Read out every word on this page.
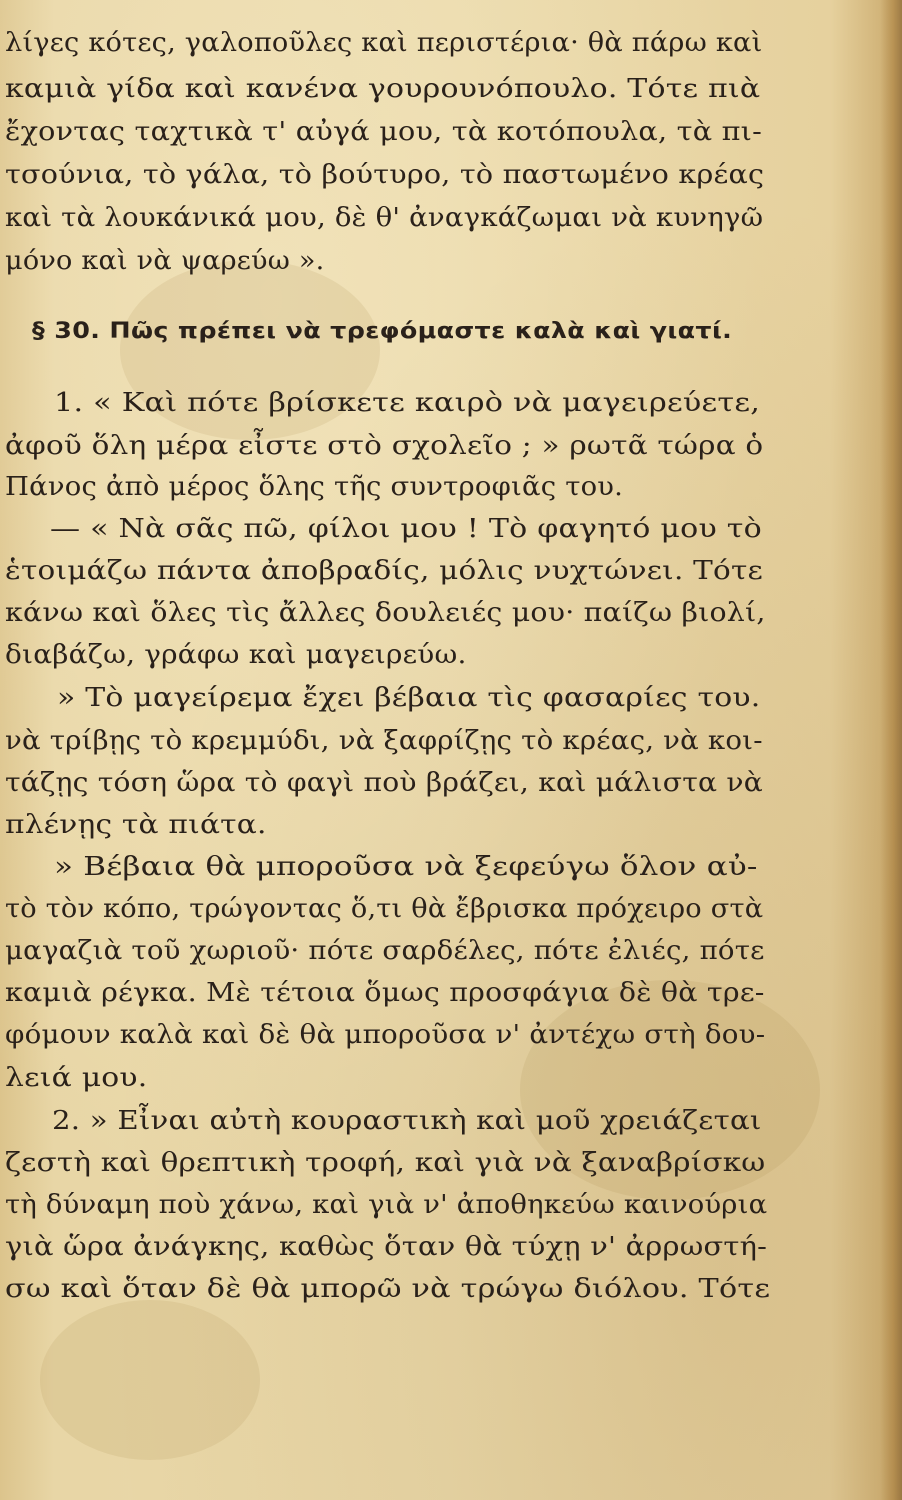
λίγες κότες, γαλοποῦλες καὶ περιστέρια· θὰ πάρω καὶ
καμιὰ γίδα καὶ κανένα γουρουνόπουλο. Τότε πιὰ
ἔχοντας ταχτικὰ τ' αὐγά μου, τὰ κοτόπουλα, τὰ πι-
τσούνια, τὸ γάλα, τὸ βούτυρο, τὸ παστωμένο κρέας
καὶ τὰ λουκάνικά μου, δὲ θ' ἀναγκάζωμαι νὰ κυνηγῶ
μόνο καὶ νὰ ψαρεύω ».
§ 30. Πῶς πρέπει νὰ τρεφόμαστε καλὰ καὶ γιατί.
1. « Καὶ πότε βρίσκετε καιρὸ νὰ μαγειρεύετε,
ἀφοῦ ὅλη μέρα εἶστε στὸ σχολεῖο ; » ρωτᾶ τώρα ὁ
Πάνος ἀπὸ μέρος ὅλης τῆς συντροφιᾶς του.
— « Νὰ σᾶς πῶ, φίλοι μου ! Τὸ φαγητό μου τὸ
ἑτοιμάζω πάντα ἀποβραδίς, μόλις νυχτώνει. Τότε
κάνω καὶ ὅλες τὶς ἄλλες δουλειές μου· παίζω βιολί,
διαβάζω, γράφω καὶ μαγειρεύω.
» Τὸ μαγείρεμα ἔχει βέβαια τὶς φασαρίες του.
νὰ τρίβῃς τὸ κρεμμύδι, νὰ ξαφρίζῃς τὸ κρέας, νὰ κοι-
τάζῃς τόση ὥρα τὸ φαγὶ ποὺ βράζει, καὶ μάλιστα νὰ
πλένῃς τὰ πιάτα.
» Βέβαια θὰ μποροῦσα νὰ ξεφεύγω ὅλον αὐ-
τὸ τὸν κόπο, τρώγοντας ὅ,τι θὰ ἔβρισκα πρόχειρο στὰ
μαγαζιὰ τοῦ χωριοῦ· πότε σαρδέλες, πότε ἐλιές, πότε
καμιὰ ρέγκα. Μὲ τέτοια ὅμως προσφάγια δὲ θὰ τρε-
φόμουν καλὰ καὶ δὲ θὰ μποροῦσα ν' ἀντέχω στὴ δου-
λειά μου.
2. » Εἶναι αὐτὴ κουραστικὴ καὶ μοῦ χρειάζεται
ζεστὴ καὶ θρεπτικὴ τροφή, καὶ γιὰ νὰ ξαναβρίσκω
τὴ δύναμη ποὺ χάνω, καὶ γιὰ ν' ἀποθηκεύω καινούρια
γιὰ ὥρα ἀνάγκης, καθὼς ὅταν θὰ τύχῃ ν' ἀρρωστή-
σω καὶ ὅταν δὲ θὰ μπορῶ νὰ τρώγω διόλου. Τότε
